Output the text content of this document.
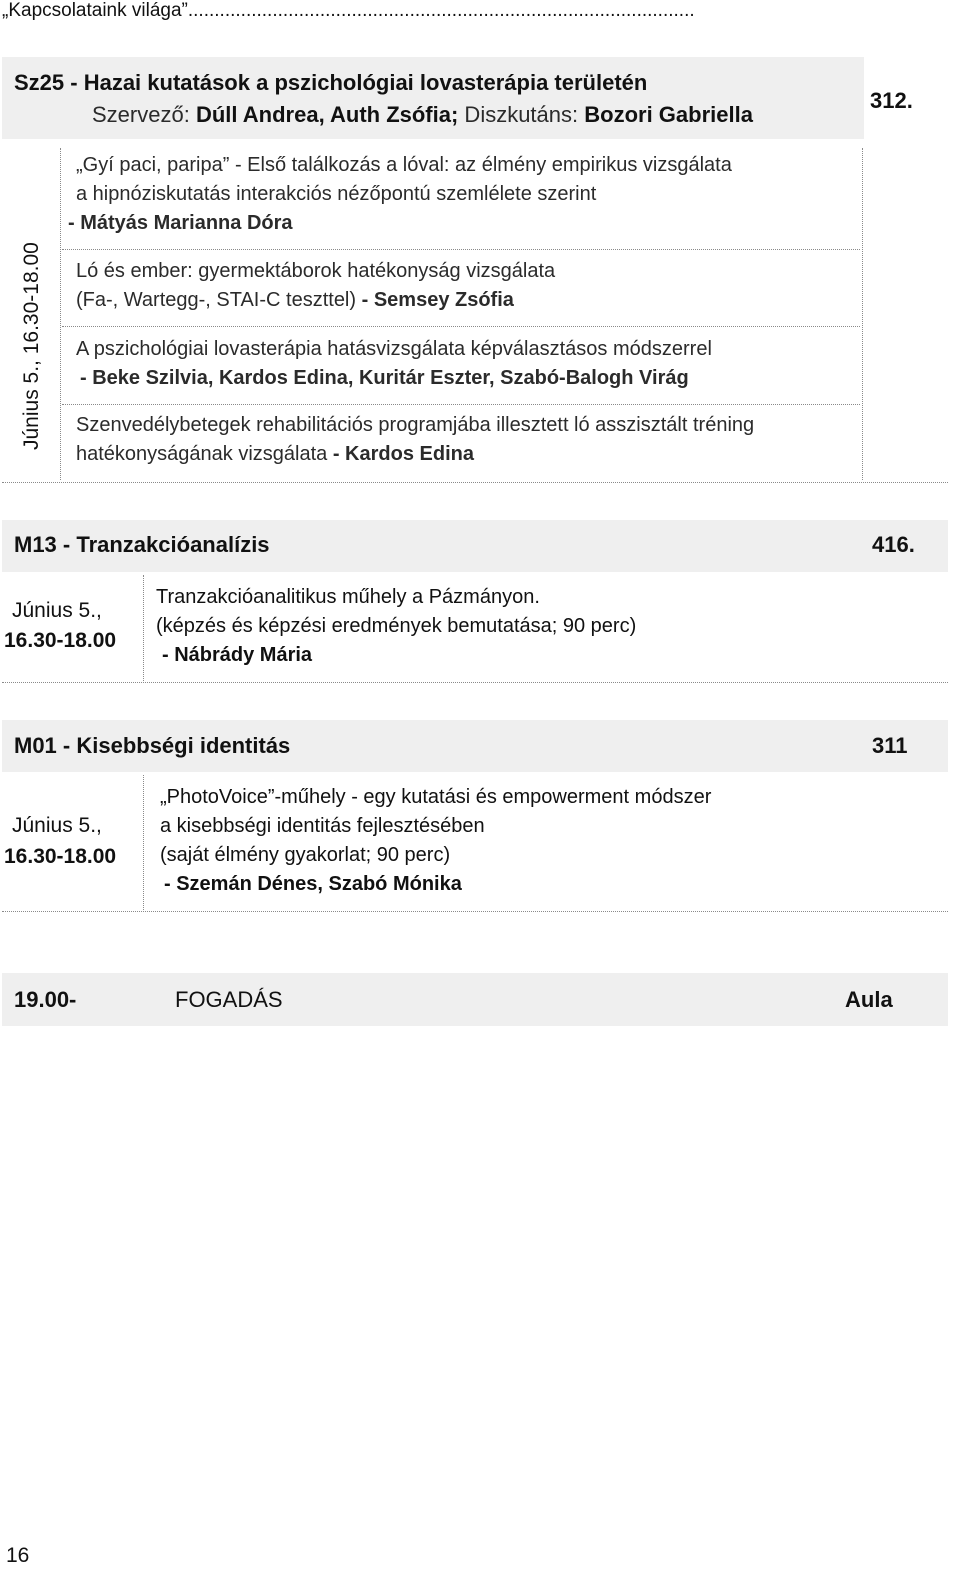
„Kapcsolataink világa”................................................................................................
Sz25 - Hazai kutatások a pszichológiai lovasterápia területén
Szervező: Dúll Andrea, Auth Zsófia; Diszkutáns: Bozori Gabriella
312.
Június 5., 16.30-18.00
„Gyí paci, paripa” - Első találkozás a lóval: az élmény empirikus vizsgálata
a hipnóziskutatás interakciós nézőpontú szemlélete szerint
- Mátyás Marianna Dóra
Ló és ember: gyermektáborok hatékonyság vizsgálata
(Fa-, Wartegg-, STAI-C teszttel) - Semsey Zsófia
A pszichológiai lovasterápia hatásvizsgálata képválasztásos módszerrel
- Beke Szilvia, Kardos Edina, Kuritár Eszter, Szabó-Balogh Virág
Szenvedélybetegek rehabilitációs programjába illesztett ló asszisztált tréning
hatékonyságának vizsgálata - Kardos Edina
M13 - Tranzakcióanalízis	416.
Június 5.,
16.30-18.00
Tranzakcióanalitikus műhely a Pázmányon.
(képzés és képzési eredmények bemutatása; 90 perc)
- Nábrády Mária
M01 - Kisebbségi identitás	311
Június 5.,
16.30-18.00
„PhotoVoice”-műhely - egy kutatási és empowerment módszer
a kisebbségi identitás fejlesztésében
(saját élmény gyakorlat; 90 perc)
- Szemán Dénes, Szabó Mónika
19.00-	FOGADÁS	Aula
16
